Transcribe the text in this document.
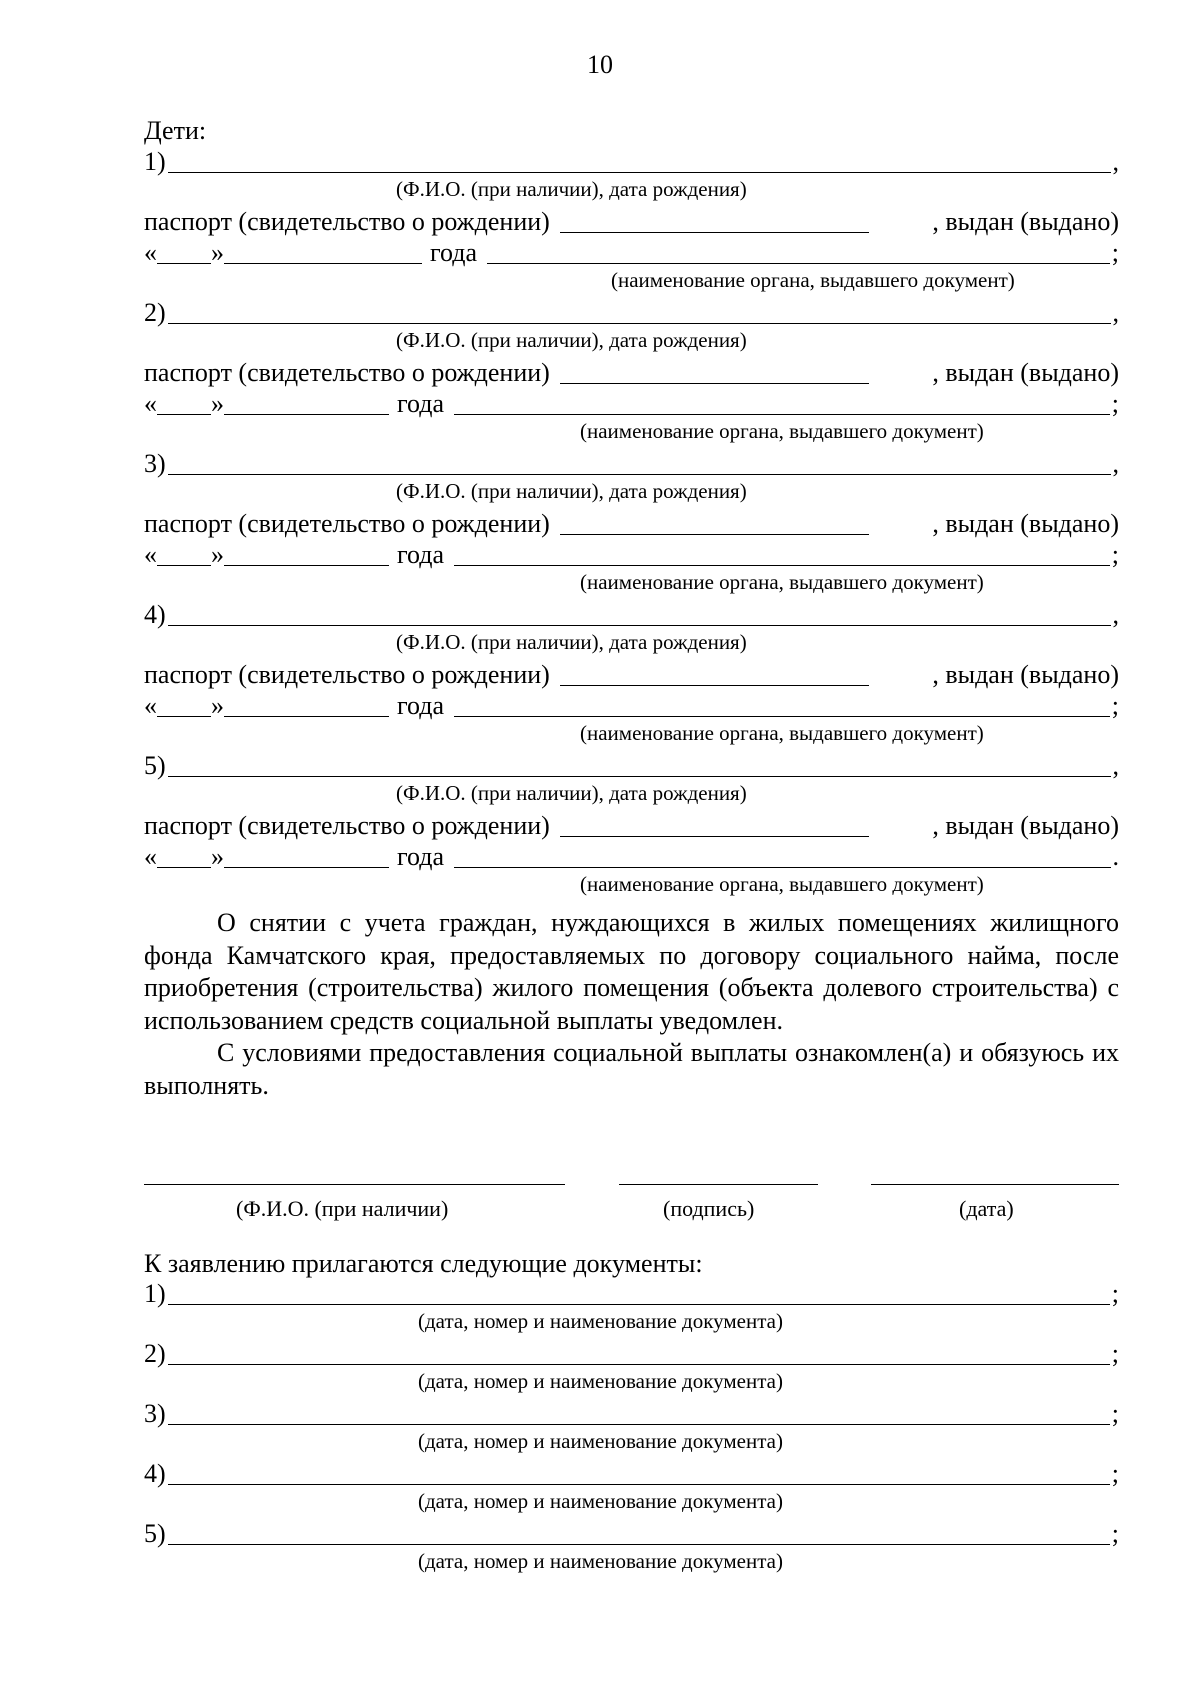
10
Дети:
1)	,
(Ф.И.О. (при наличии), дата рождения)
паспорт (свидетельство о рождении)	, выдан (выдано)
« »	года	;
(наименование органа, выдавшего документ)
2)	,
(Ф.И.О. (при наличии), дата рождения)
паспорт (свидетельство о рождении)	, выдан (выдано)
« »	года	;
(наименование органа, выдавшего документ)
3)	,
(Ф.И.О. (при наличии), дата рождения)
паспорт (свидетельство о рождении)	, выдан (выдано)
« »	года	;
(наименование органа, выдавшего документ)
4)	,
(Ф.И.О. (при наличии), дата рождения)
паспорт (свидетельство о рождении)	, выдан (выдано)
« »	года	;
(наименование органа, выдавшего документ)
5)	,
(Ф.И.О. (при наличии), дата рождения)
паспорт (свидетельство о рождении)	, выдан (выдано)
« »	года	.
(наименование органа, выдавшего документ)
О снятии с учета граждан, нуждающихся в жилых помещениях жилищного фонда Камчатского края, предоставляемых по договору социального найма, после приобретения (строительства) жилого помещения (объекта долевого строительства) с использованием средств социальной выплаты уведомлен.
С условиями предоставления социальной выплаты ознакомлен(а) и обязуюсь их выполнять.
(Ф.И.О. (при наличии)	(подпись)	(дата)
К заявлению прилагаются следующие документы:
1)	;
(дата, номер и наименование документа)
2)	;
(дата, номер и наименование документа)
3)	;
(дата, номер и наименование документа)
4)	;
(дата, номер и наименование документа)
5)	;
(дата, номер и наименование документа)
